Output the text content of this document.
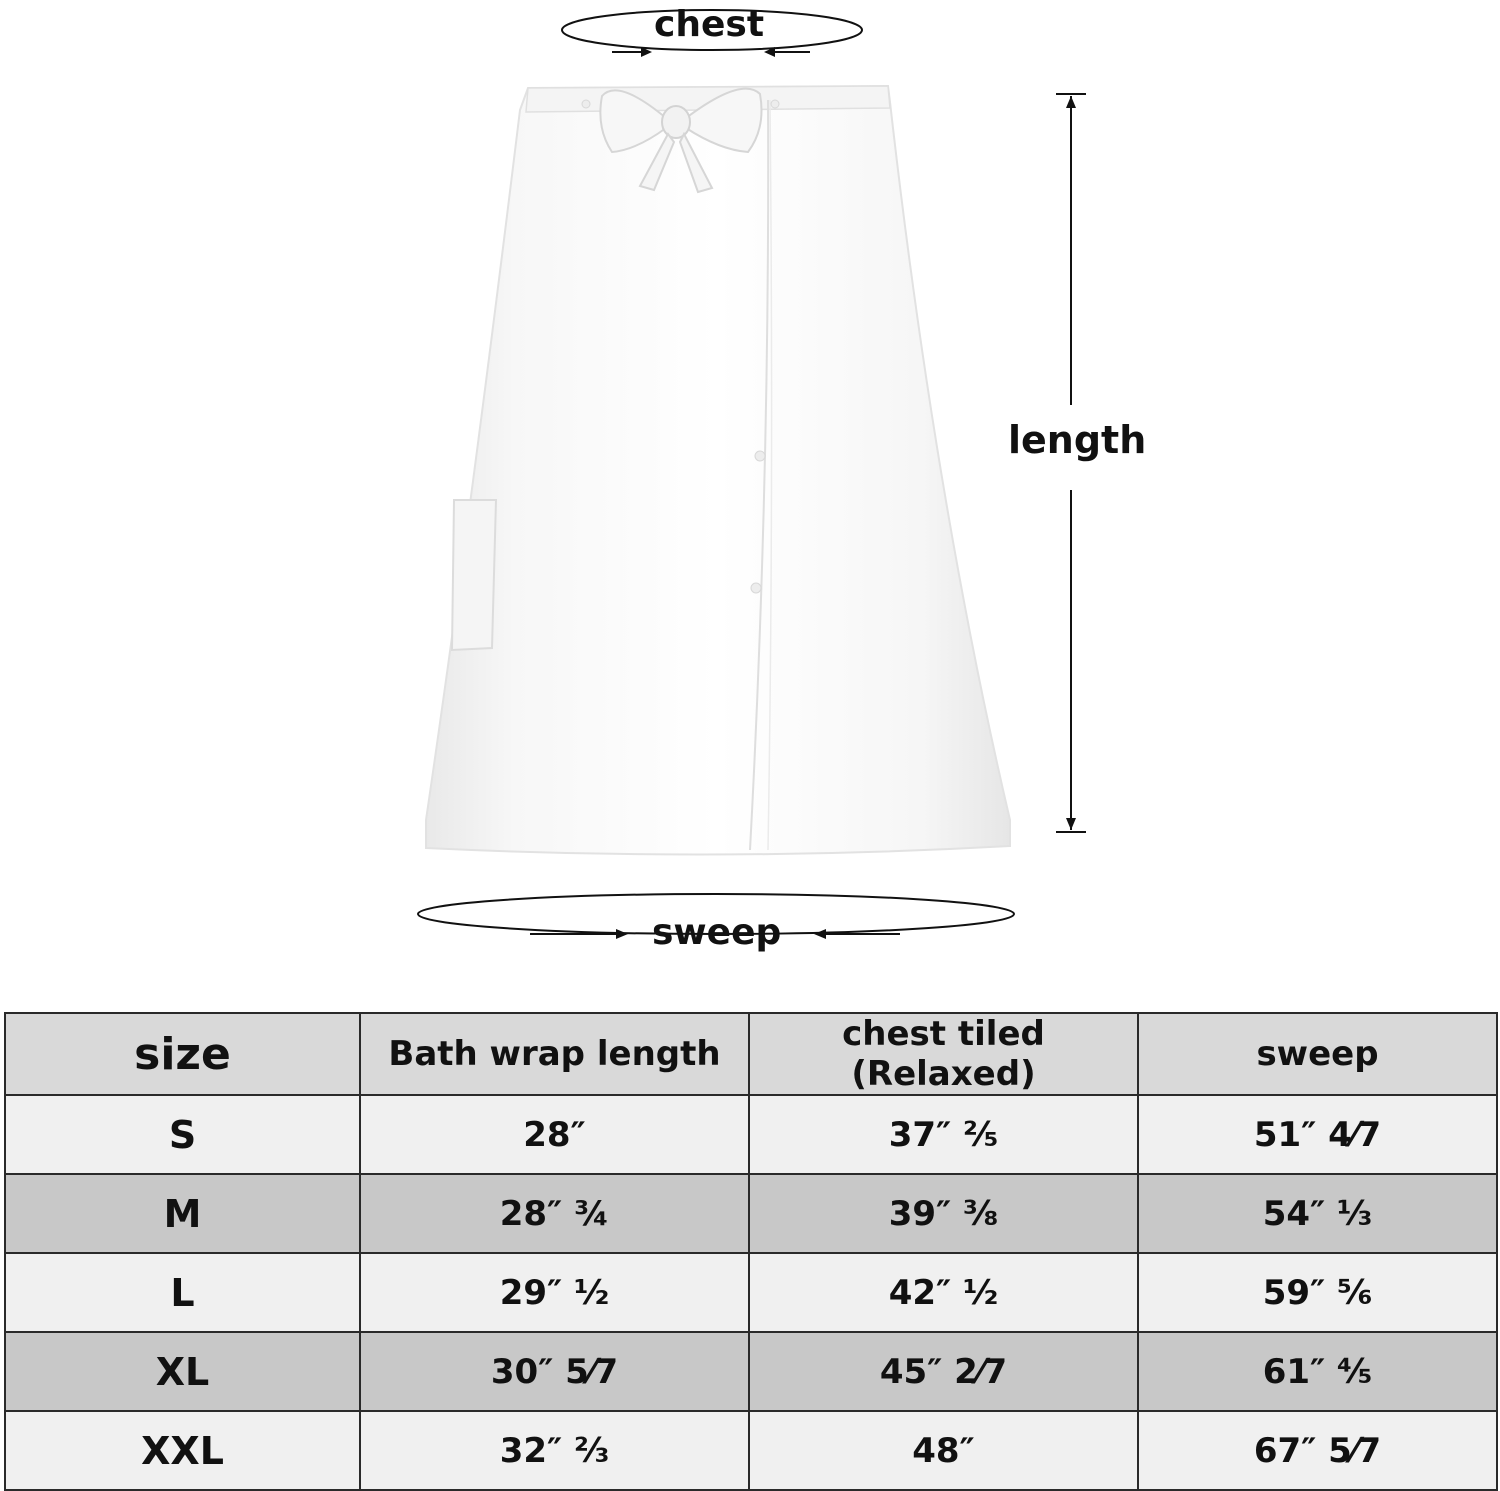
chest
length
sweep
size	Bath wrap length	chest tiled (Relaxed)	sweep
S	28″	37″ ⅖	51″ 4⁄7
M	28″ ¾	39″ ⅜	54″ ⅓
L	29″ ½	42″ ½	59″ ⅚
XL	30″ 5⁄7	45″ 2⁄7	61″ ⅘
XXL	32″ ⅔	48″	67″ 5⁄7
